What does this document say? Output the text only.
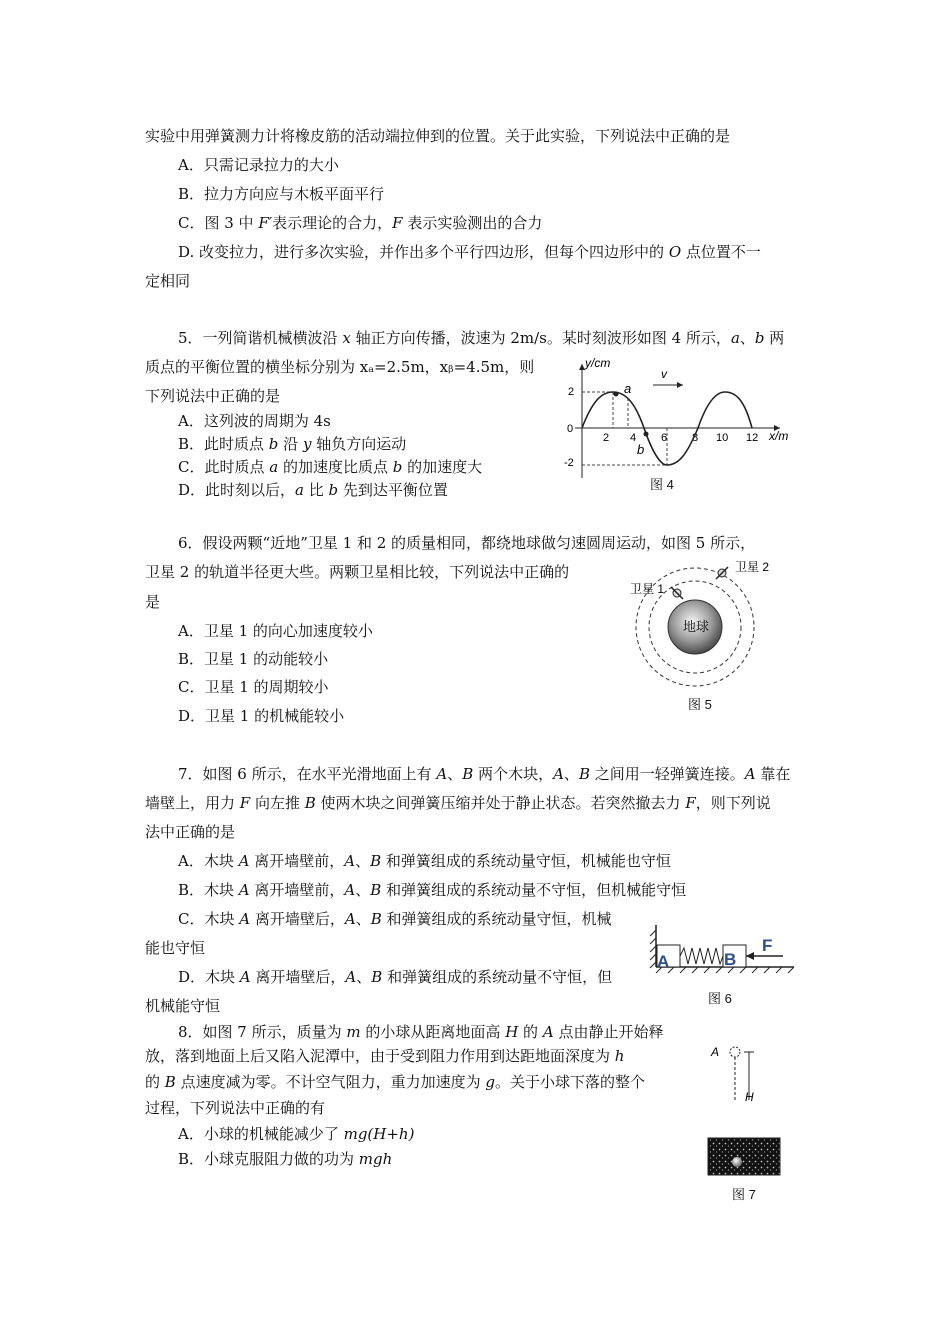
实验中用弹簧测力计将橡皮筋的活动端拉伸到的位置。关于此实验，下列说法中正确的是
A．只需记录拉力的大小
B．拉力方向应与木板平面平行
C．图 3 中 F′表示理论的合力，F 表示实验测出的合力
D. 改变拉力，进行多次实验，并作出多个平行四边形，但每个四边形中的 O 点位置不一
定相同
5．一列简谐机械横波沿 x 轴正方向传播，波速为 2m/s。某时刻波形如图 4 所示，a、b 两
质点的平衡位置的横坐标分别为 xₐ=2.5m，xᵦ=4.5m，则
下列说法中正确的是
A．这列波的周期为 4s
B．此时质点 b 沿 y 轴负方向运动
C．此时质点 a 的加速度比质点 b 的加速度大
D．此时刻以后，a 比 b 先到达平衡位置
y/cm
x/m
2
0
-2
2 4 6 8 10 12
a
b
v
图 4
6．假设两颗“近地”卫星 1 和 2 的质量相同，都绕地球做匀速圆周运动，如图 5 所示，
卫星 2 的轨道半径更大些。两颗卫星相比较，下列说法中正确的
是
A．卫星 1 的向心加速度较小
B．卫星 1 的动能较小
C．卫星 1 的周期较小
D．卫星 1 的机械能较小
地球
卫星 1
卫星 2
图 5
7．如图 6 所示，在水平光滑地面上有 A、B 两个木块，A、B 之间用一轻弹簧连接。A 靠在
墙壁上，用力 F 向左推 B 使两木块之间弹簧压缩并处于静止状态。若突然撤去力 F，则下列说
法中正确的是
A．木块 A 离开墙壁前，A、B 和弹簧组成的系统动量守恒，机械能也守恒
B．木块 A 离开墙壁前，A、B 和弹簧组成的系统动量不守恒，但机械能守恒
C．木块 A 离开墙壁后，A、B 和弹簧组成的系统动量守恒，机械
能也守恒
D．木块 A 离开墙壁后，A、B 和弹簧组成的系统动量不守恒，但
机械能守恒
A	B
F
图 6
8．如图 7 所示，质量为 m 的小球从距离地面高 H 的 A 点由静止开始释
放，落到地面上后又陷入泥潭中，由于受到阻力作用到达距地面深度为 h
的 B 点速度减为零。不计空气阻力，重力加速度为 g。关于小球下落的整个
过程，下列说法中正确的有
A．小球的机械能减少了 mg(H+h)
B．小球克服阻力做的功为 mgh
A
H
图 7
